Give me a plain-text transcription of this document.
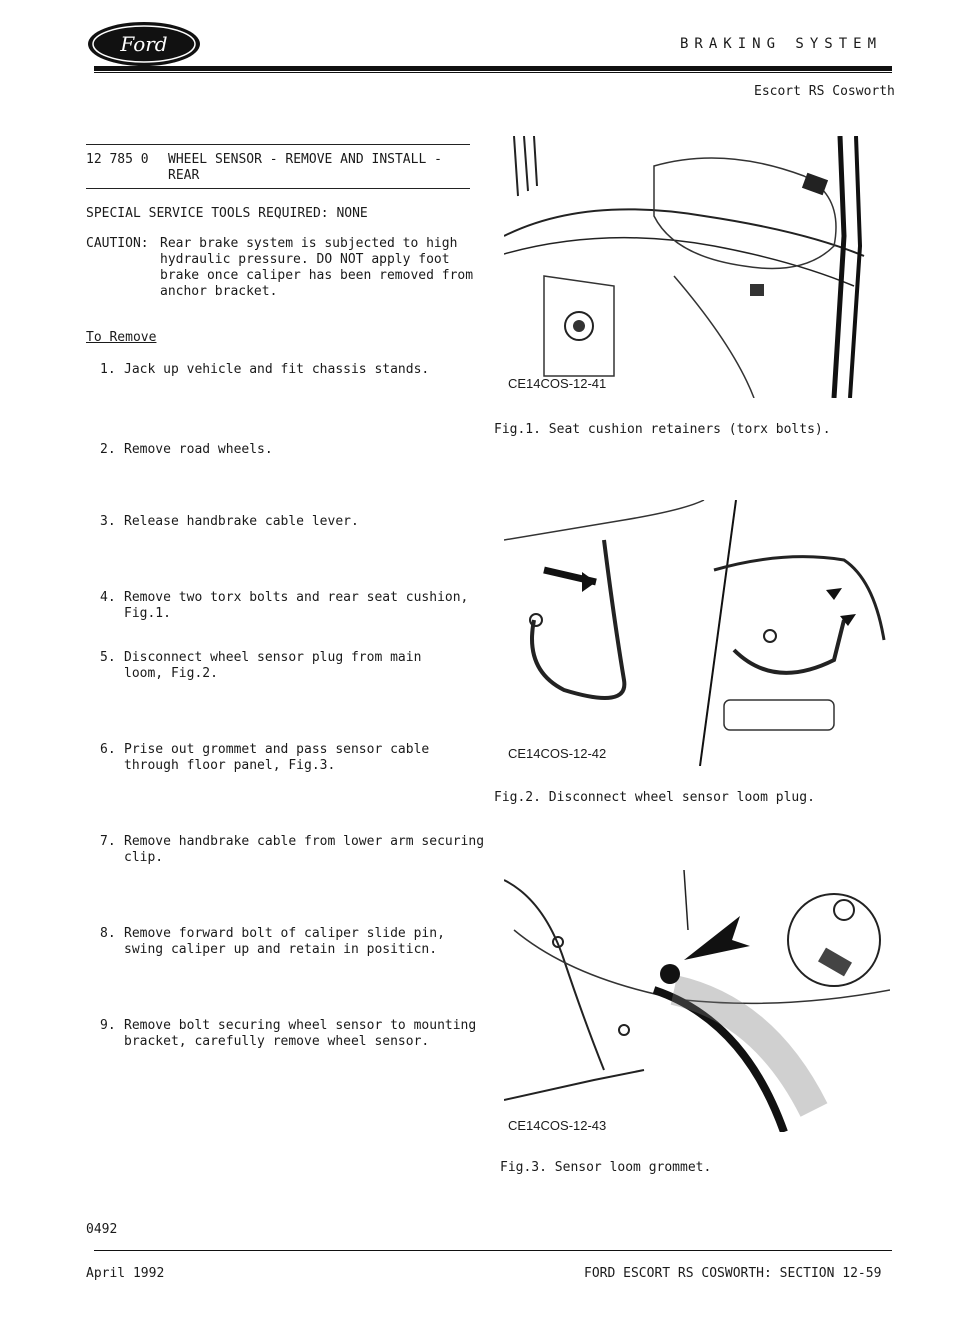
Ford	BRAKING SYSTEM
Escort RS Cosworth
12 785 0 WHEEL SENSOR - REMOVE AND INSTALL -
REAR
SPECIAL SERVICE TOOLS REQUIRED: NONE
CAUTION: Rear brake system is subjected to high
hydraulic pressure. DO NOT apply foot
brake once caliper has been removed from
anchor bracket.
To Remove
1. Jack up vehicle and fit chassis stands.
2. Remove road wheels.
3. Release handbrake cable lever.
4. Remove two torx bolts and rear seat cushion,
Fig.1.
5. Disconnect wheel sensor plug from main
loom, Fig.2.
6. Prise out grommet and pass sensor cable
through floor panel, Fig.3.
7. Remove handbrake cable from lower arm securing
clip.
8. Remove forward bolt of caliper slide pin,
swing caliper up and retain in positicn.
9. Remove bolt securing wheel sensor to mounting
bracket, carefully remove wheel sensor.
CE14COS-12-41
Fig.1. Seat cushion retainers (torx bolts).
CE14COS-12-42
Fig.2. Disconnect wheel sensor loom plug.
CE14COS-12-43
Fig.3. Sensor loom grommet.
0492
April 1992	FORD ESCORT RS COSWORTH: SECTION 12-59
